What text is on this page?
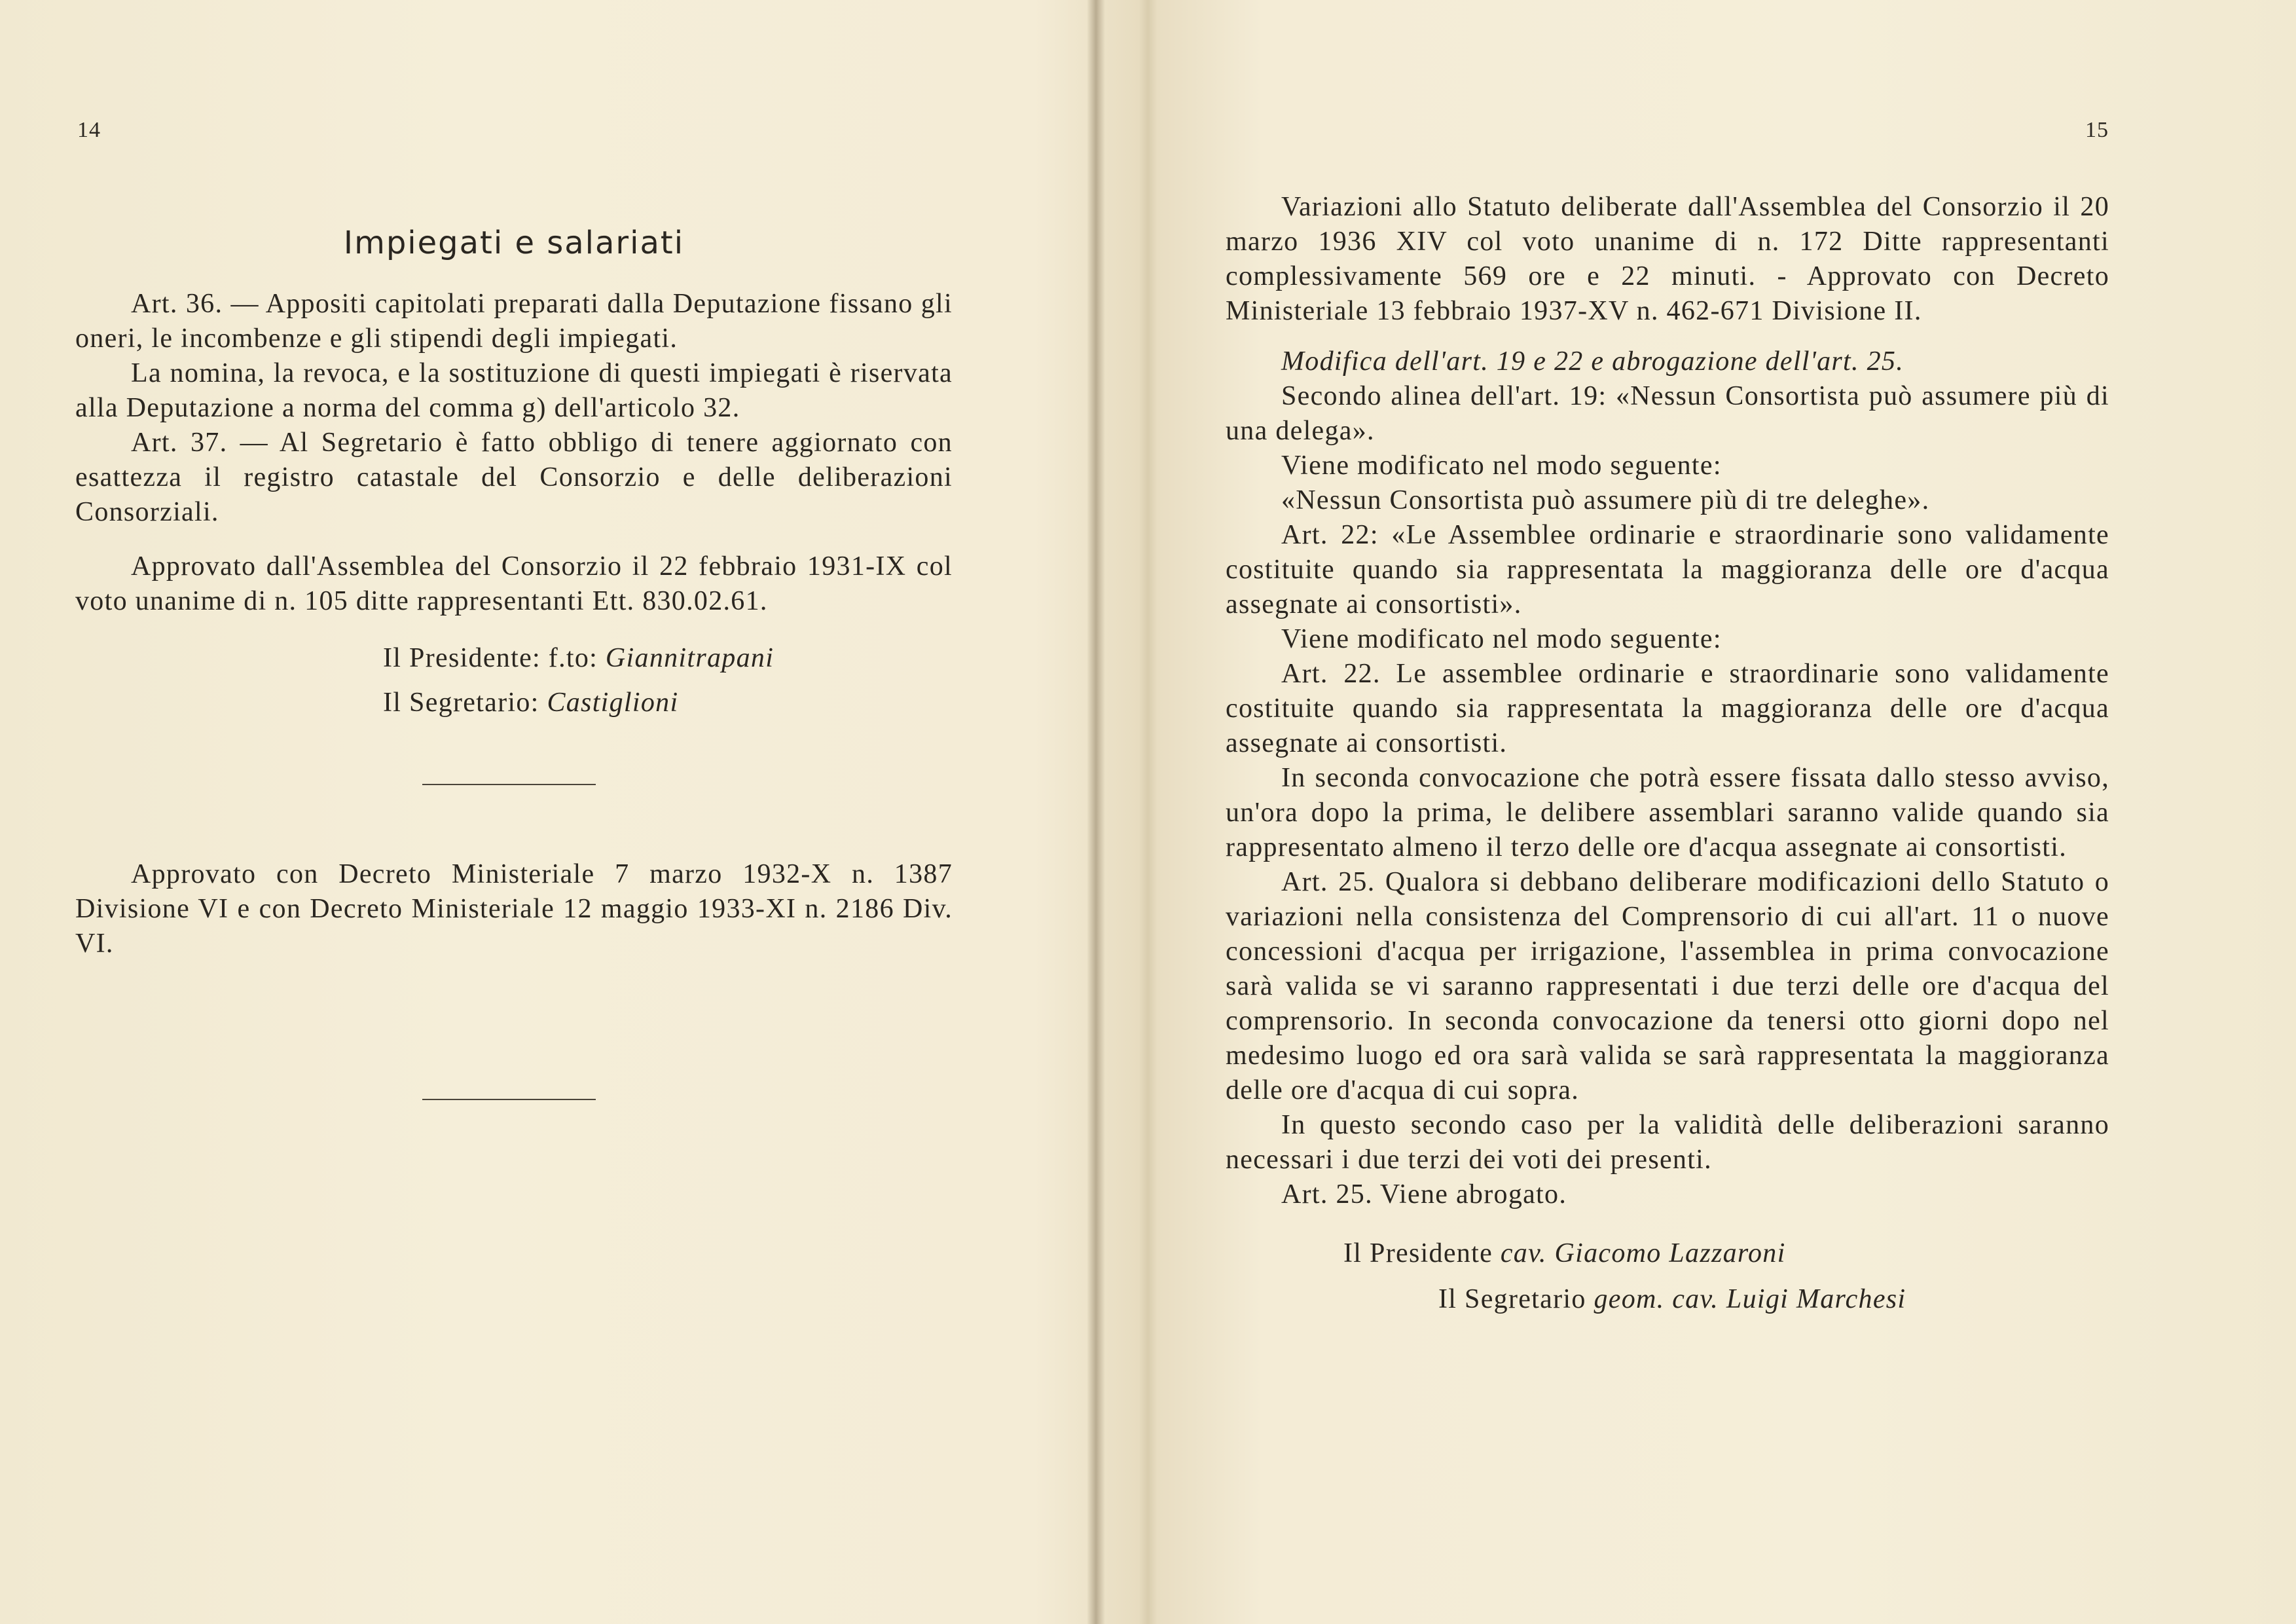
14

Impiegati e salariati

Art. 36. — Appositi capitolati preparati dalla Deputazione fissano gli oneri, le incombenze e gli stipendi degli impiegati.

La nomina, la revoca, e la sostituzione di questi impiegati è riservata alla Deputazione a norma del comma g) dell'articolo 32.

Art. 37. — Al Segretario è fatto obbligo di tenere aggiornato con esattezza il registro catastale del Consorzio e delle deliberazioni Consorziali.

Approvato dall'Assemblea del Consorzio il 22 febbraio 1931-IX col voto unanime di n. 105 ditte rappresentanti Ett. 830.02.61.

Il Presidente: f.to: Giannitrapani
Il Segretario: Castiglioni

Approvato con Decreto Ministeriale 7 marzo 1932-X n. 1387 Divisione VI e con Decreto Ministeriale 12 maggio 1933-XI n. 2186 Div. VI.

15

Variazioni allo Statuto deliberate dall'Assemblea del Consorzio il 20 marzo 1936 XIV col voto unanime di n. 172 Ditte rappresentanti complessivamente 569 ore e 22 minuti. - Approvato con Decreto Ministeriale 13 febbraio 1937-XV n. 462-671 Divisione II.

Modifica dell'art. 19 e 22 e abrogazione dell'art. 25.

Secondo alinea dell'art. 19: «Nessun Consortista può assumere più di una delega».

Viene modificato nel modo seguente:

«Nessun Consortista può assumere più di tre deleghe».

Art. 22: «Le Assemblee ordinarie e straordinarie sono validamente costituite quando sia rappresentata la maggioranza delle ore d'acqua assegnate ai consortisti».

Viene modificato nel modo seguente:

Art. 22. Le assemblee ordinarie e straordinarie sono validamente costituite quando sia rappresentata la maggioranza delle ore d'acqua assegnate ai consortisti.

In seconda convocazione che potrà essere fissata dallo stesso avviso, un'ora dopo la prima, le delibere assemblari saranno valide quando sia rappresentato almeno il terzo delle ore d'acqua assegnate ai consortisti.

Art. 25. Qualora si debbano deliberare modificazioni dello Statuto o variazioni nella consistenza del Comprensorio di cui all'art. 11 o nuove concessioni d'acqua per irrigazione, l'assemblea in prima convocazione sarà valida se vi saranno rappresentati i due terzi delle ore d'acqua del comprensorio. In seconda convocazione da tenersi otto giorni dopo nel medesimo luogo ed ora sarà valida se sarà rappresentata la maggioranza delle ore d'acqua di cui sopra.

In questo secondo caso per la validità delle deliberazioni saranno necessari i due terzi dei voti dei presenti.

Art. 25. Viene abrogato.

Il Presidente cav. Giacomo Lazzaroni
Il Segretario geom. cav. Luigi Marchesi
